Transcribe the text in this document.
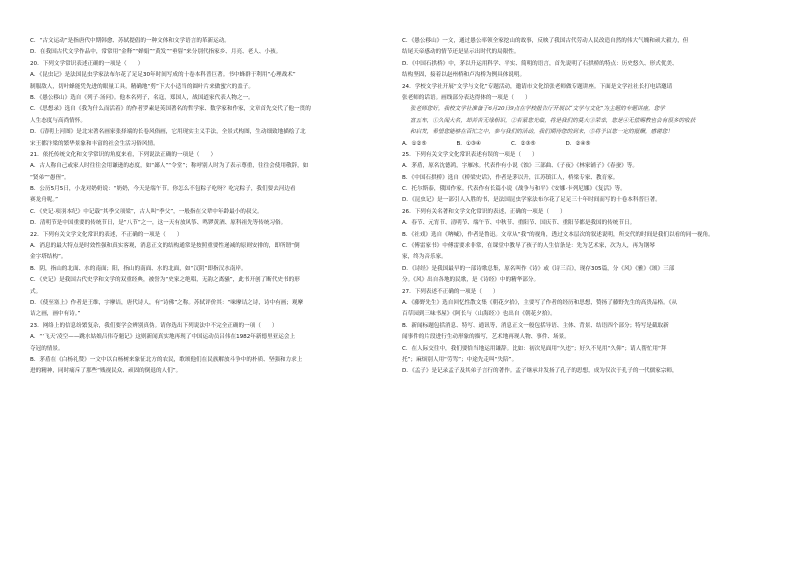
C．“古文运动”是指唐代中期韩愈、苏轼提倡的一种文体和文学语言的革新运动。
D．在我国古代文学作品中，常常用“金释”“婵娟”“黄发”“垂髫”来分别代指家乡、月亮、老人、小孩。
20．下列文学常识表述正确的一项是（　　）
A．《昆虫记》是法国昆虫学家法布尔花了足足30年时间写成的十卷本科普巨著。书中蜂群于利用“心理战术”
制服敌人，切叶蜂能凭先进的眼量工具，精确地“剪”下大小适当的圆叶片来做蜜穴的盖子。
B．《愚公移山》选自《列子·汤问》。他本名列子，名寇，郑国人，战国道家代表人物之一。
C．《思想录》选自《我为什么而活着》的作者罗素是英国著名的哲学家、数学家和作家，文章首先交代了他一贯的
人生态度与高尚情怀。
D．《清明上河图》是北宋著名画家张择端的长卷风俗画，它用现实主义手法，全景式构图，生动细致地描绘了北
宋王都汴梁的繁华景象和丰富的社会生活习俗风情。
21．依托传统文化和文学常识的角度来看，下列说法正确的一项是（　　）
A．古人称自己或家人时往往会用谦逊的态度，如“鄙人”“令堂”；称呼别人时为了表示尊重，往往会使用敬辞，如
“贤弟”“愚侄”。
B．公历5月5日，小龙对奶奶说：“奶奶，今天是端午节。你怎么不包粽子吃呀？吃完粽子，我们要去河边看
赛龙舟呢。”
C．《史记·项羽本纪》中记载“其季父项梁”，古人叫“季父”，一般指在父辈中年龄最小的叔父。
D．清明节是中国重要的传统节日，是“八节”之一，这一天有放风筝、鸣锣黄酒、原科祖先等传统习俗。
22．下列有关文学文化常识的表述，不正确的一项是（　　）
A．消息的最大特点是时效性强和真实客观，消息正文的结构通常是按照重要性递减的原则安排的，即所谓“倒
金字塔结构”。
B．阴，指山的北面、水的南面；阳，指山的南面、水的北面，如“汉阴”即指汉水南岸。
C．《史记》是我国古代史学和文学的双重经典，被誉为“史家之绝唱，无韵之离骚”，此书开创了断代史书的形
式。
D．《使至塞上》作者是王维，字摩诘，唐代诗人，有“诗佛”之称。苏轼评价其：“味摩诘之诗，诗中有画；观摩
诘之画，画中有诗。”
23．网络上的信息纷繁复杂，我们要学会辨别真伪。请你选出下列说法中不完全正确的一项（　　）
A．“‘飞天’凌空——跳水姑娘吕伟夺魁记》这则新闻真实地再现了中国运动员吕伟在1982年新德里亚运会上
夺冠的情景。
B．茅盾在《白杨礼赞》一文中以白杨树来象征北方的农民，歌颂他们在民族解放斗争中的朴质、坚强和力求上
进的精神，同时痛斥了那些“贱视民众、顽固的倒退的人们”。
C．《愚公移山》一文，通过愚公率领全家挖山的故事，反映了我国古代劳动人民改造自然的伟大气魄和顽大毅力，但
结尾天帝感动的情节还是显示出时代的局限性。
D．《中国石拱桥》中，茅以升运用科学、平实、简明的语言，首先说明了石拱桥的特点：历史悠久、形式优美、
结构坚固，接着以赵州桥和卢沟桥为例具体说明。
24．学校文学社开展“文学与文化”专题活动，邀请市文化馆张老师做专题讲座。下面是文学社社长打电话邀请
张老师的话语。画线部分表达得体的一项是（　　）
张老师您好，我校文学社准备于6月20日9点在学校报告厅开展以“文学与文化”为主题的专题讲座，您学
富五车，①久闻大名，却苦苦无缘相识，②若蒙您光临，将是我们的莫大③荣幸，您是④无偿赐教也会有很多的收获
和启发，希望您能够在百忙之中，参与我们的活动，我们期待您的到来，⑤将予以您一定的报酬，感谢您！
A．①②⑤	B．①③④	C．②③⑤	D．②④⑤
25．下列有关文学文化常识表述有误的一项是（　　）
A．茅盾，原名沈德鸿，字雁冰。代表作有小说《蚀》三部曲、《子夜》《林家铺子》《春蚕》等。
B．《中国石拱桥》选自《桥梁史话》，作者是茅以升，江苏镇江人，桥梁专家、教育家。
C．托尔斯泰，俄国作家。代表作有长篇小说《战争与和平》《安娜·卡列尼娜》《复活》等。
D．《昆虫记》是一部引人入胜的书，是法国昆虫学家法布尔花了足足三十年时间而写的十卷本科普巨著。
26．下列有关名著和文学文化常识的表述，正确的一项是（　　）
A．春节、元宵节、清明节、端午节、中秋节、重阳节、国庆节、重阳节都是我国的传统节日。
B．《社戏》选自《呐喊》，作者是鲁迅。文章从“我”的视角，透过文本层次的叙述说明，所交代的时间是我们以看的同一视角。
C．《傅雷家书》中傅雷要求非常，在课堂中教导了孩子的人生信条是：先为艺术家，次为人，再为钢琴
家，终为音乐家。
D．《诗经》是我国最早的一部诗歌总集，原名叫作《诗》或《诗三百》，现存305篇，分《风》《雅》《颂》三部
分。《风》出自各地的民歌，是《诗经》中的精华部分。
27．下列表述不正确的一项是（　　）
A．《藤野先生》选自回忆性散文集《朝花夕拾》，主要写了作者的经历和思想，赞扬了藤野先生的高贵品格。《从
百草园到三味书屋》《阿长与〈山海经〉》也出自《朝花夕拾》。
B．新闻标题包括消息、特写、通讯等，消息正文一般包括导语、主体、背景、结语四个部分；特写是截取新
闻事件的片段进行生动形象的描写，艺术地再现人物、事件、场景。
C．在人际交往中，我们要恰当地运用谦辞。比如：初次见面用“久违”；好久不见用“久仰”；请人帮忙用“拜
托”；麻烦别人用“劳驾”；中途先走叫“失陪”。
D．《孟子》是记录孟子及其弟子言行的著作。孟子继承并发扬了孔子的思想，成为仅次于孔子的一代儒家宗师，
